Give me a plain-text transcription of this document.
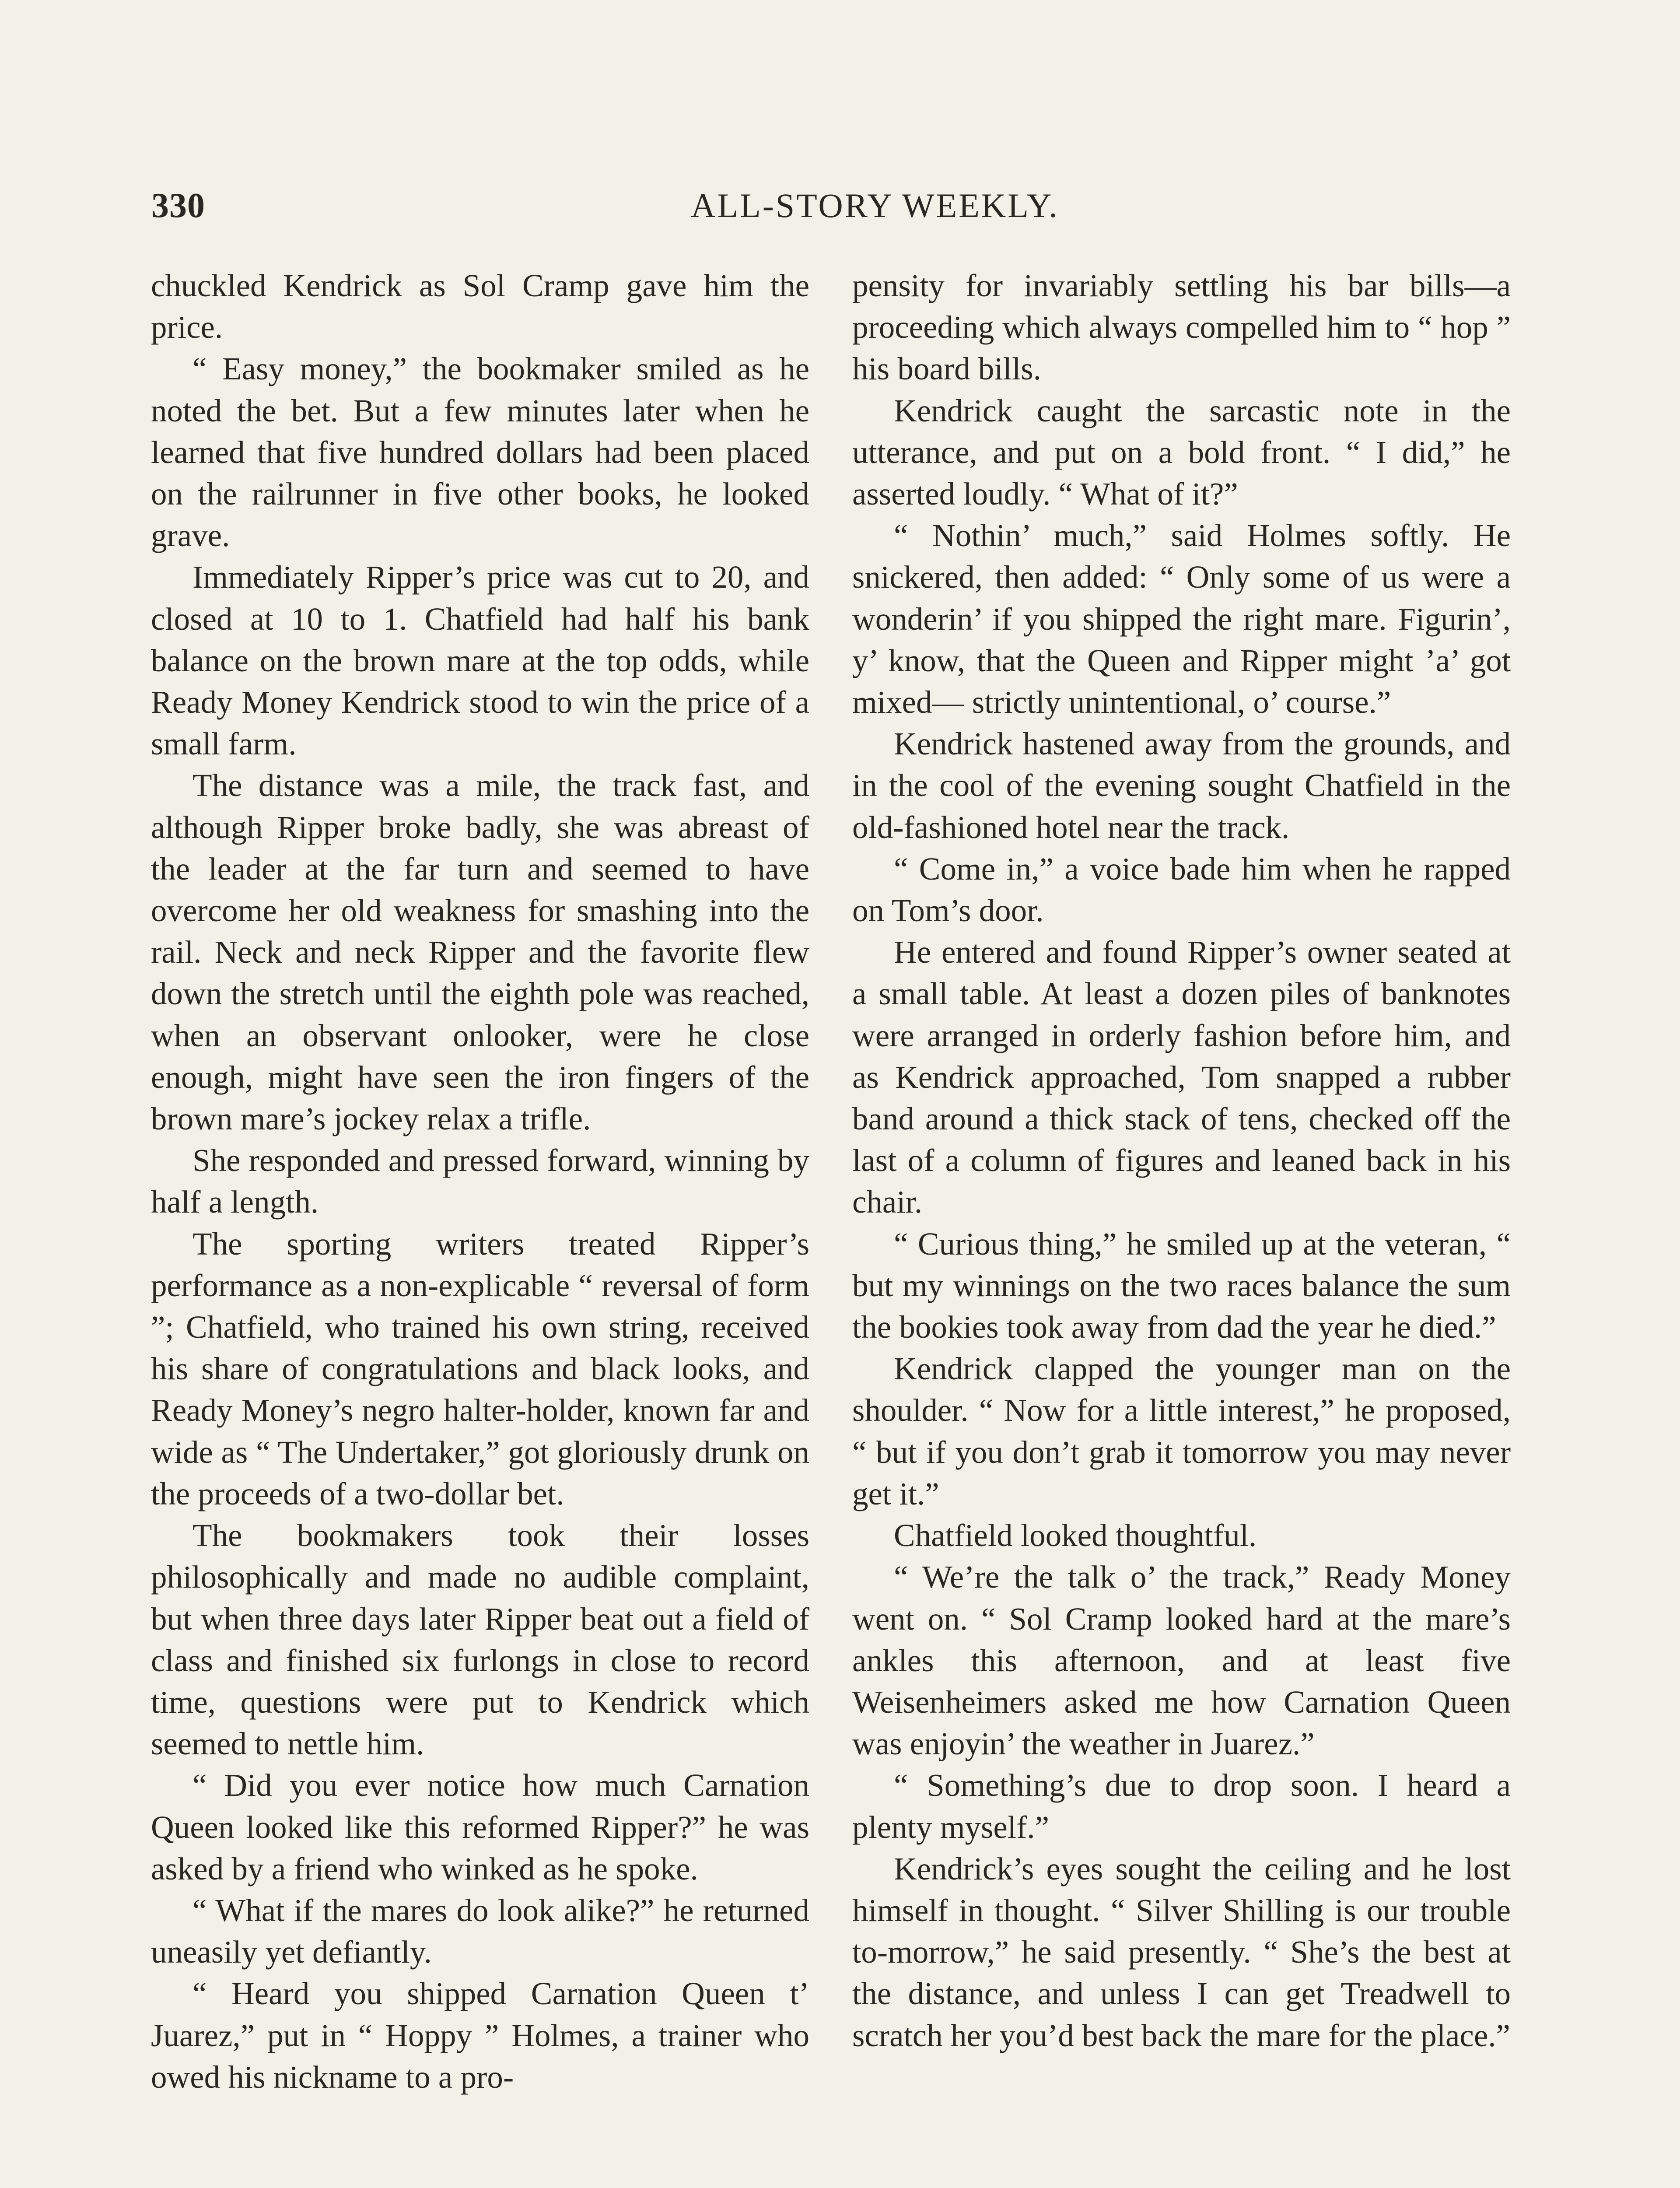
330	ALL-STORY WEEKLY.

chuckled Kendrick as Sol Cramp gave him the price.

“ Easy money,” the bookmaker smiled as he noted the bet. But a few minutes later when he learned that five hundred dollars had been placed on the railrunner in five other books, he looked grave.

Immediately Ripper’s price was cut to 20, and closed at 10 to 1. Chatfield had half his bank balance on the brown mare at the top odds, while Ready Money Kendrick stood to win the price of a small farm.

The distance was a mile, the track fast, and although Ripper broke badly, she was abreast of the leader at the far turn and seemed to have overcome her old weakness for smashing into the rail. Neck and neck Ripper and the favorite flew down the stretch until the eighth pole was reached, when an observant onlooker, were he close enough, might have seen the iron fingers of the brown mare’s jockey relax a trifle.

She responded and pressed forward, winning by half a length.

The sporting writers treated Ripper’s performance as a non-explicable “ reversal of form ”; Chatfield, who trained his own string, received his share of congratulations and black looks, and Ready Money’s negro halter-holder, known far and wide as “ The Undertaker,” got gloriously drunk on the proceeds of a two-dollar bet.

The bookmakers took their losses philosophically and made no audible complaint, but when three days later Ripper beat out a field of class and finished six furlongs in close to record time, questions were put to Kendrick which seemed to nettle him.

“ Did you ever notice how much Carnation Queen looked like this reformed Ripper?” he was asked by a friend who winked as he spoke.

“ What if the mares do look alike?” he returned uneasily yet defiantly.

“ Heard you shipped Carnation Queen t’ Juarez,” put in “ Hoppy ” Holmes, a trainer who owed his nickname to a pro-

pensity for invariably settling his bar bills—a proceeding which always compelled him to “ hop ” his board bills.

Kendrick caught the sarcastic note in the utterance, and put on a bold front. “ I did,” he asserted loudly. “ What of it?”

“ Nothin’ much,” said Holmes softly. He snickered, then added: “ Only some of us were a wonderin’ if you shipped the right mare. Figurin’, y’ know, that the Queen and Ripper might ’a’ got mixed— strictly unintentional, o’ course.”

Kendrick hastened away from the grounds, and in the cool of the evening sought Chatfield in the old-fashioned hotel near the track.

“ Come in,” a voice bade him when he rapped on Tom’s door.

He entered and found Ripper’s owner seated at a small table. At least a dozen piles of banknotes were arranged in orderly fashion before him, and as Kendrick approached, Tom snapped a rubber band around a thick stack of tens, checked off the last of a column of figures and leaned back in his chair.

“ Curious thing,” he smiled up at the veteran, “ but my winnings on the two races balance the sum the bookies took away from dad the year he died.”

Kendrick clapped the younger man on the shoulder. “ Now for a little interest,” he proposed, “ but if you don’t grab it tomorrow you may never get it.”

Chatfield looked thoughtful.

“ We’re the talk o’ the track,” Ready Money went on. “ Sol Cramp looked hard at the mare’s ankles this afternoon, and at least five Weisenheimers asked me how Carnation Queen was enjoyin’ the weather in Juarez.”

“ Something’s due to drop soon. I heard a plenty myself.”

Kendrick’s eyes sought the ceiling and he lost himself in thought. “ Silver Shilling is our trouble to-morrow,” he said presently. “ She’s the best at the distance, and unless I can get Treadwell to scratch her you’d best back the mare for the place.”
